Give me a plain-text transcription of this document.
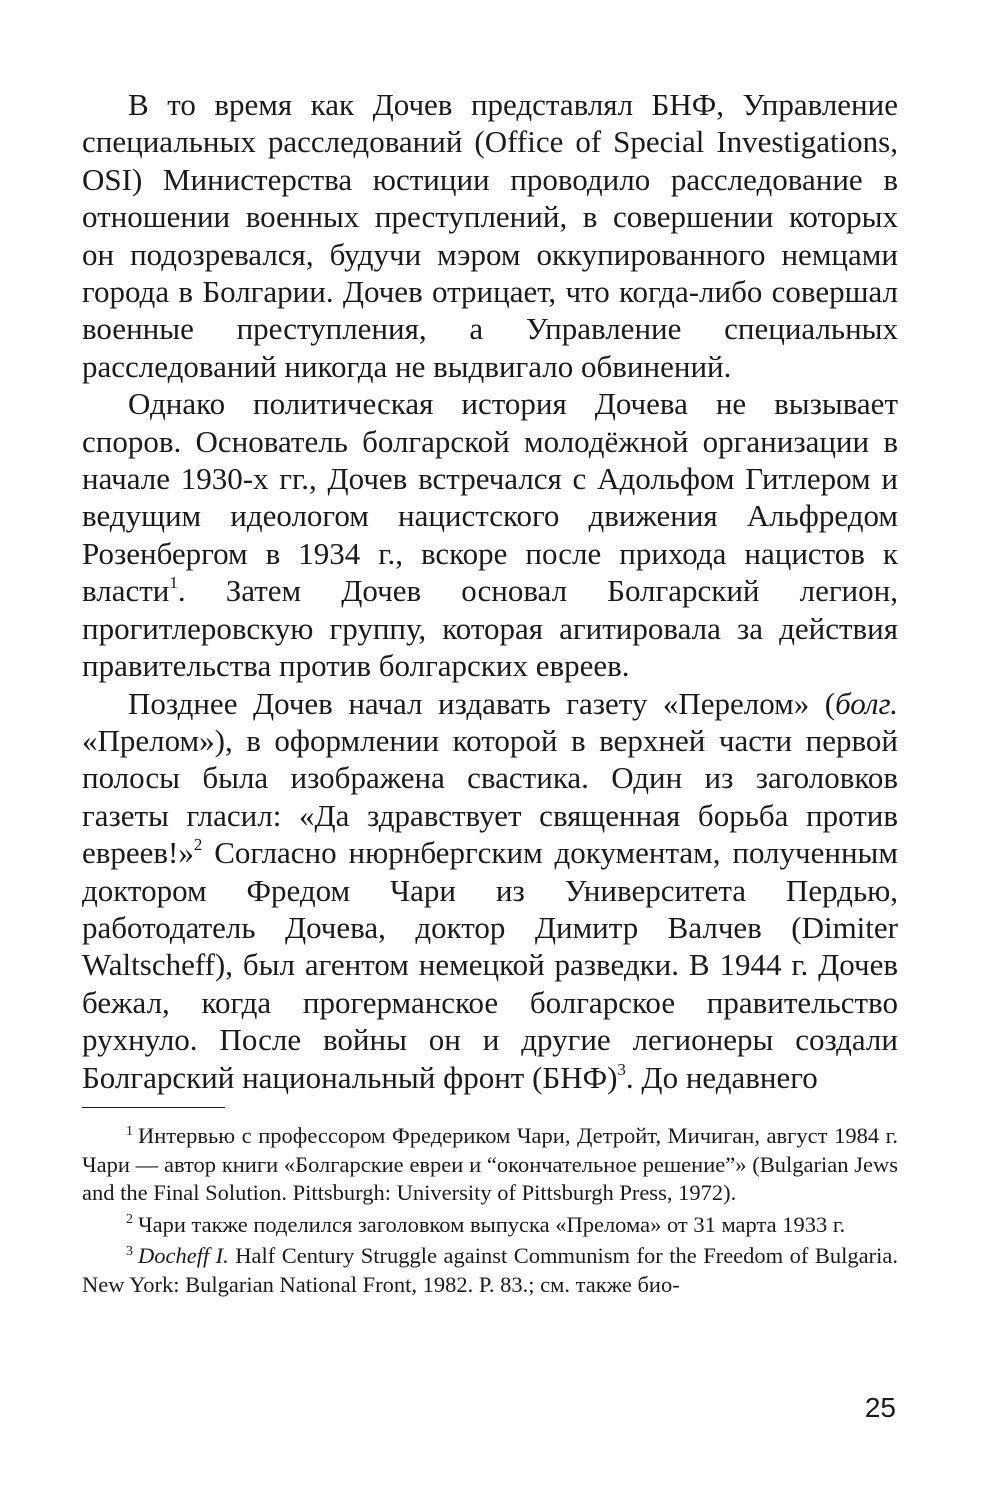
В то время как Дочев представлял БНФ, Управление специальных расследований (Office of Special Investigations, OSI) Министерства юстиции проводило расследование в отношении военных преступлений, в совершении которых он подозревался, будучи мэром оккупированного немцами города в Болгарии. Дочев отрицает, что когда-либо совершал военные преступления, а Управление специальных расследований никогда не выдвигало обвинений.

Однако политическая история Дочева не вызывает споров. Основатель болгарской молодёжной организации в начале 1930-х гг., Дочев встречался с Адольфом Гитлером и ведущим идеологом нацистского движения Альфредом Розенбергом в 1934 г., вскоре после прихода нацистов к власти$^1$. Затем Дочев основал Болгарский легион, прогитлеровскую группу, которая агитировала за действия правительства против болгарских евреев.

Позднее Дочев начал издавать газету «Перелом» (болг. «Прелом»), в оформлении которой в верхней части первой полосы была изображена свастика. Один из заголовков газеты гласил: «Да здравствует священная борьба против евреев!»$^2$ Согласно нюрнбергским документам, полученным доктором Фредом Чари из Университета Пердью, работодатель Дочева, доктор Димитр Валчев (Dimiter Waltscheff), был агентом немецкой разведки. В 1944 г. Дочев бежал, когда прогерманское болгарское правительство рухнуло. После войны он и другие легионеры создали Болгарский национальный фронт (БНФ)$^3$. До недавнего

$^1$ Интервью с профессором Фредериком Чари, Детройт, Мичиган, август 1984 г. Чари — автор книги «Болгарские евреи и “окончательное решение”» (Bulgarian Jews and the Final Solution. Pittsburgh: University of Pittsburgh Press, 1972).

$^2$ Чари также поделился заголовком выпуска «Прелома» от 31 марта 1933 г.

$^3$ Docheff I. Half Century Struggle against Communism for the Freedom of Bulgaria. New York: Bulgarian National Front, 1982. P. 83.; см. также био-

25
